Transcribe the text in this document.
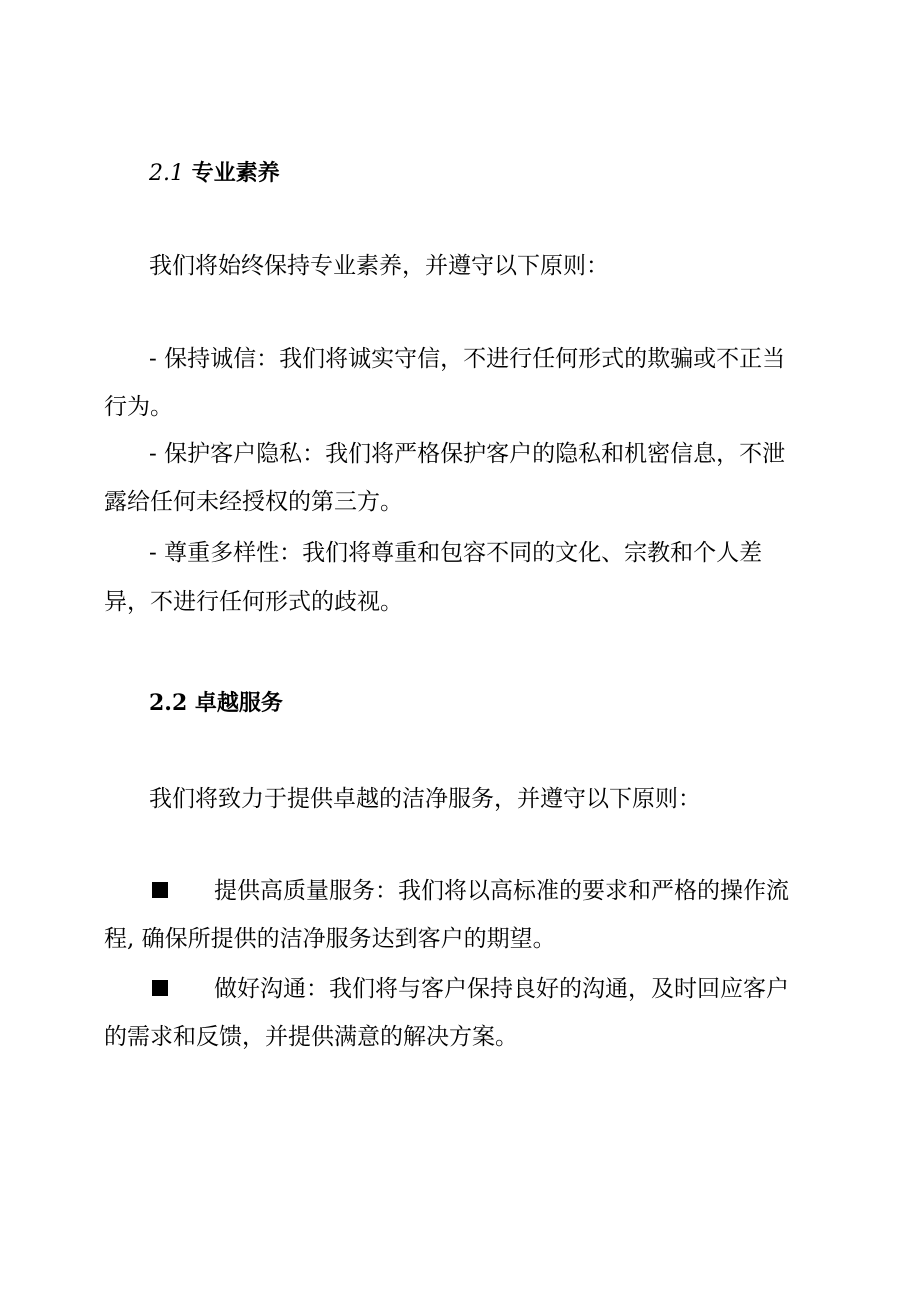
2.1 专业素养
我们将始终保持专业素养，并遵守以下原则：
- 保持诚信：我们将诚实守信，不进行任何形式的欺骗或不正当
行为。
- 保护客户隐私：我们将严格保护客户的隐私和机密信息，不泄
露给任何未经授权的第三方。
- 尊重多样性：我们将尊重和包容不同的文化、宗教和个人差
异，不进行任何形式的歧视。
2.2 卓越服务
我们将致力于提供卓越的洁净服务，并遵守以下原则：
提供高质量服务：我们将以高标准的要求和严格的操作流
程, 确保所提供的洁净服务达到客户的期望。
做好沟通：我们将与客户保持良好的沟通，及时回应客户
的需求和反馈，并提供满意的解决方案。
